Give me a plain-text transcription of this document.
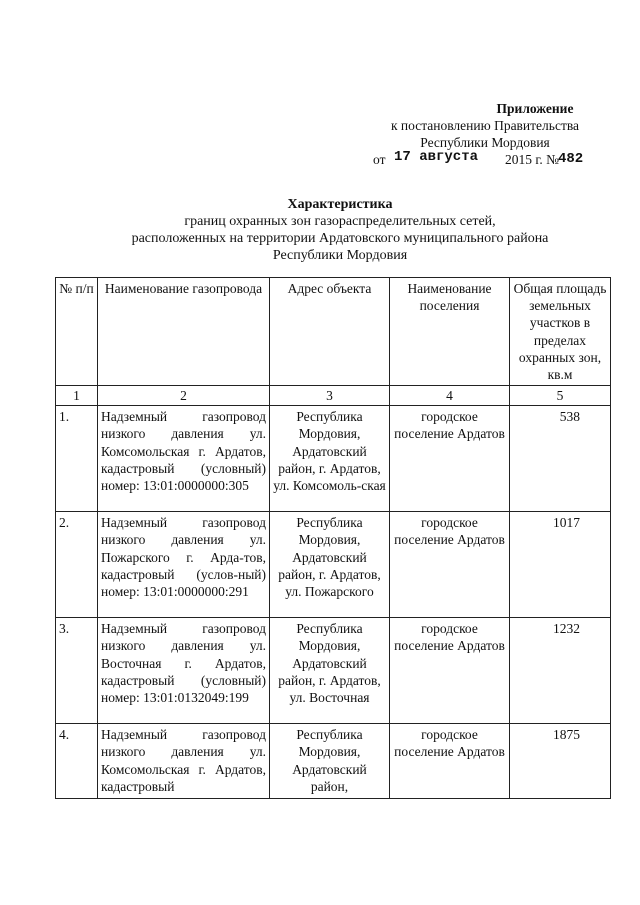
Приложение
к постановлению Правительства
Республики Мордовия
от 17 августа 2015 г. №
482
Характеристика
границ охранных зон газораспределительных сетей,
расположенных на территории Ардатовского муниципального района
Республики Мордовия
№ п/п	Наименование газопровода	Адрес объекта	Наименование поселения	Общая площадь земельных участков в пределах охранных зон, кв.м
1	2	3	4	5
1.	Надземный газопровод низкого давления ул. Комсомольская г. Ардатов, кадастровый (условный) номер: 13:01:0000000:305	Республика Мордовия, Ардатовский район, г. Ардатов, ул. Комсомоль-ская	городское поселение Ардатов	538
2.	Надземный газопровод низкого давления ул. Пожарского г. Арда-тов, кадастровый (услов-ный) номер: 13:01:0000000:291	Республика Мордовия, Ардатовский район, г. Ардатов, ул. Пожарского	городское поселение Ардатов	1017
3.	Надземный газопровод низкого давления ул. Восточная г. Ардатов, кадастровый (условный) номер: 13:01:0132049:199	Республика Мордовия, Ардатовский район, г. Ардатов, ул. Восточная	городское поселение Ардатов	1232
4.	Надземный газопровод низкого давления ул. Комсомольская г. Ардатов, кадастровый	Республика Мордовия, Ардатовский район,	городское поселение Ардатов	1875
